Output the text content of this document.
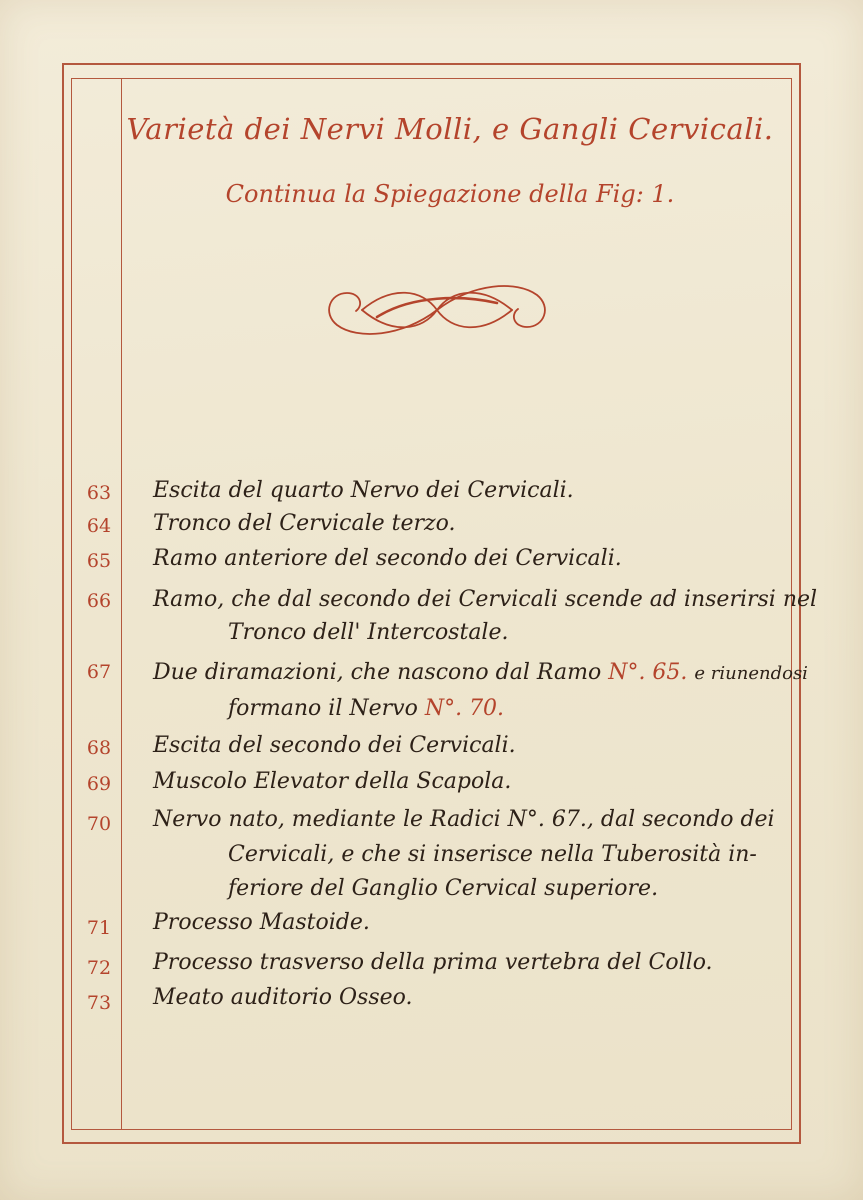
Varietà dei Nervi Molli, e Gangli Cervicali.
Continua la Spiegazione della Fig: 1.
63	Escita del quarto Nervo dei Cervicali.
64	Tronco del Cervicale terzo.
65	Ramo anteriore del secondo dei Cervicali.
66	Ramo, che dal secondo dei Cervicali scende ad inserirsi nel
Tronco dell' Intercostale.
67	Due diramazioni, che nascono dal Ramo N°. 65. e riunendosi
formano il Nervo N°. 70.
68	Escita del secondo dei Cervicali.
69	Muscolo Elevator della Scapola.
70	Nervo nato, mediante le Radici N°. 67., dal secondo dei
Cervicali, e che si inserisce nella Tuberosità in-
feriore del Ganglio Cervical superiore.
71	Processo Mastoide.
72	Processo trasverso della prima vertebra del Collo.
73	Meato auditorio Osseo.
